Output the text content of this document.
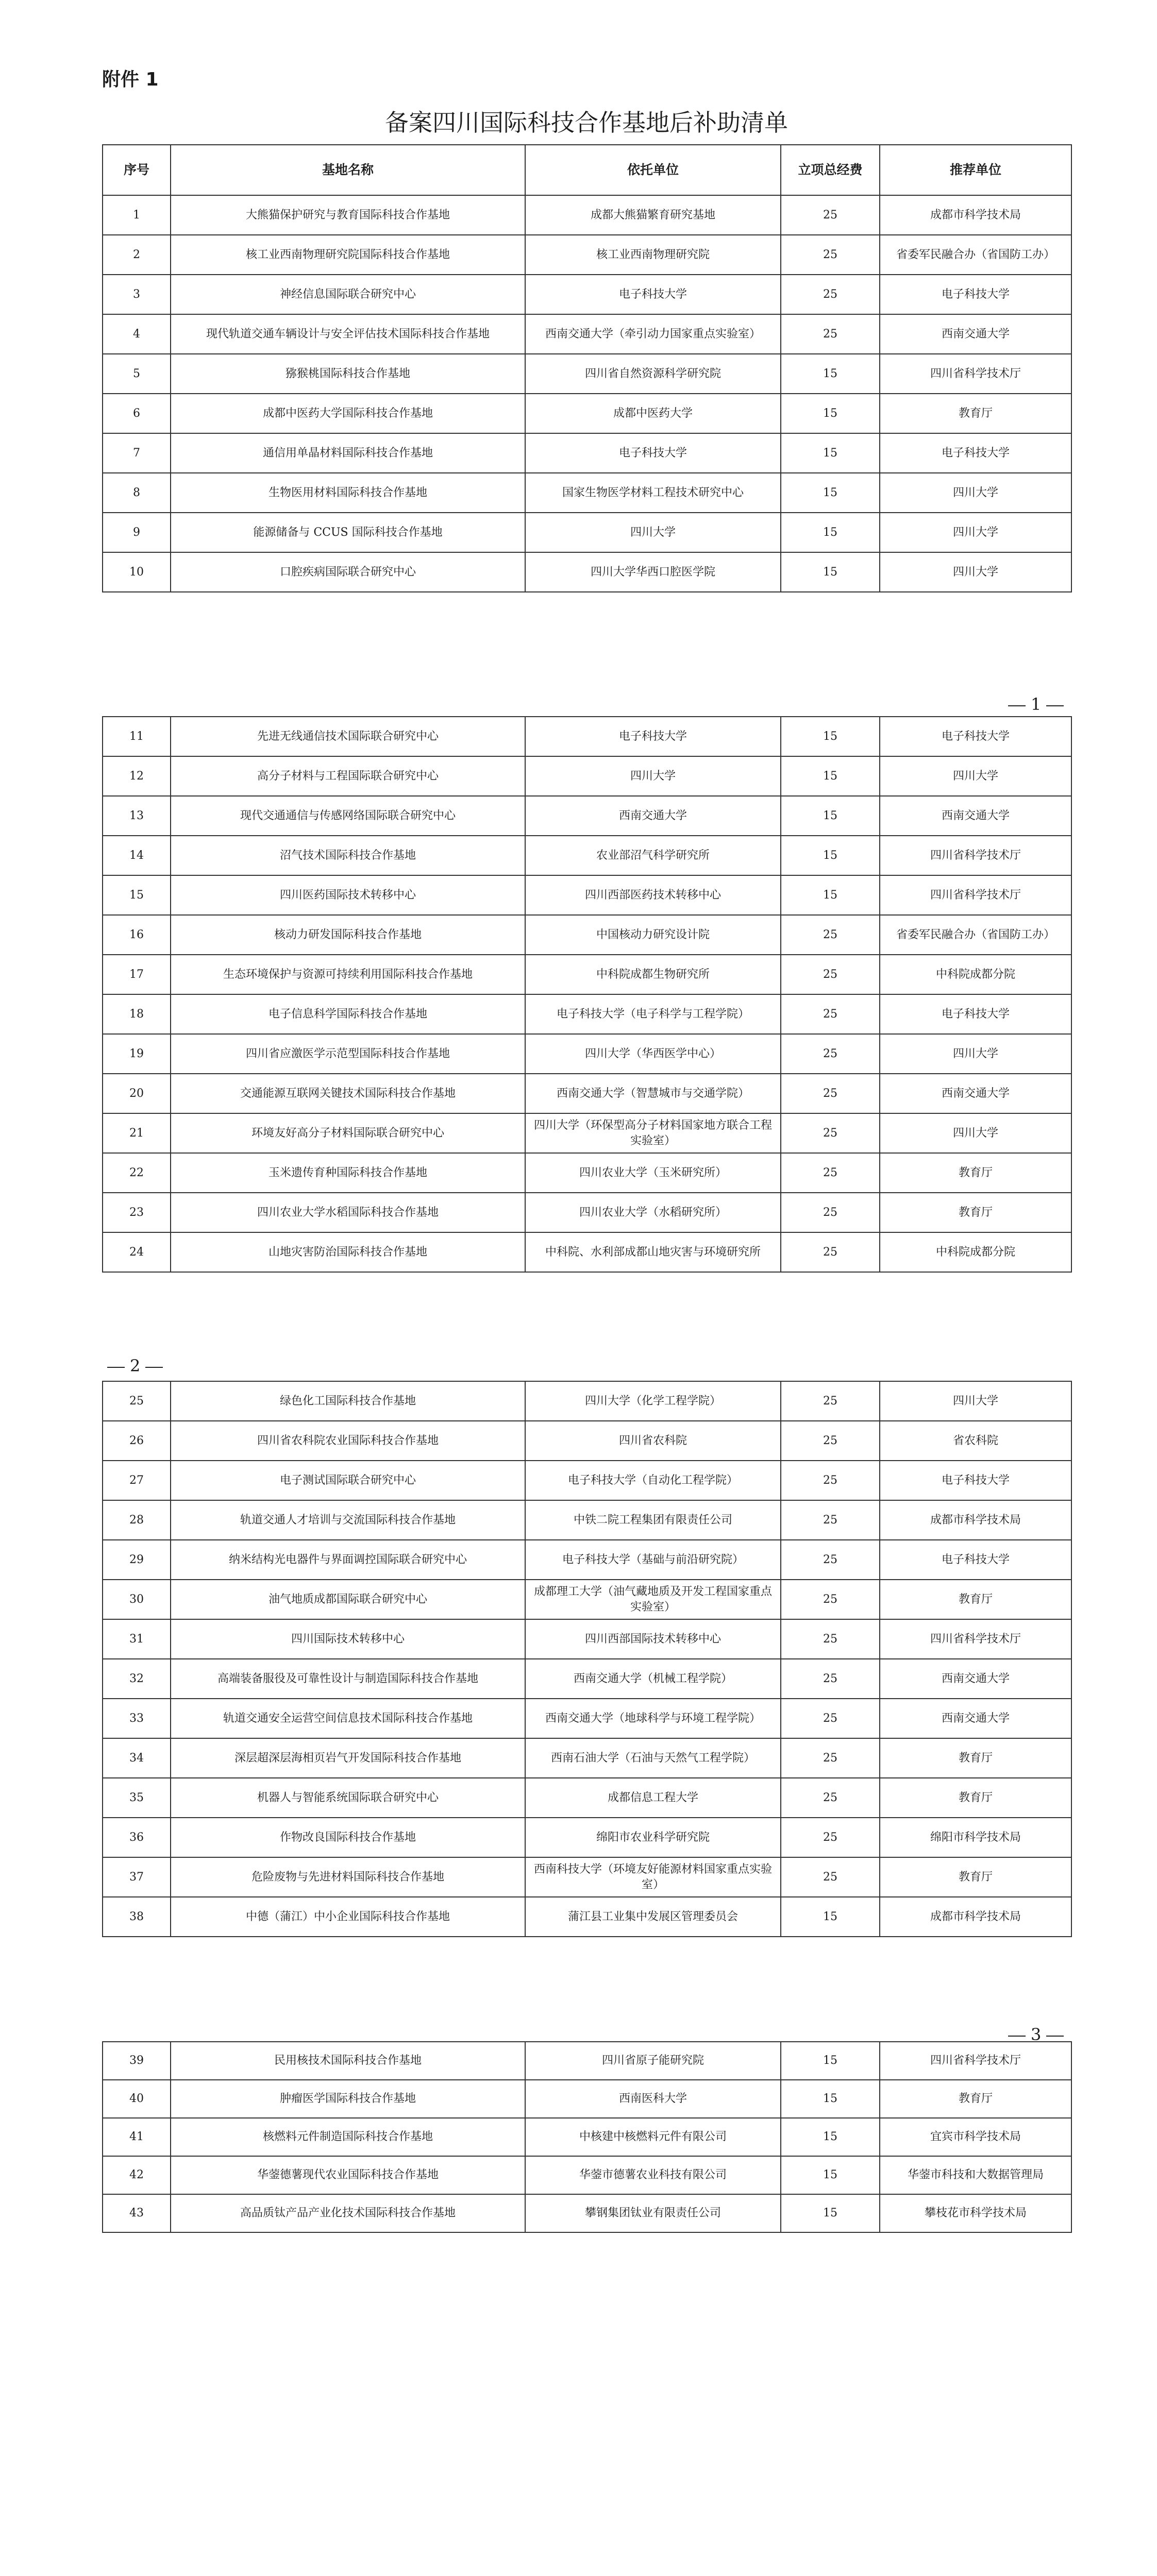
附件 1

备案四川国际科技合作基地后补助清单
序号	基地名称	依托单位	立项总经费	推荐单位
1	大熊猫保护研究与教育国际科技合作基地	成都大熊猫繁育研究基地	25	成都市科学技术局
2	核工业西南物理研究院国际科技合作基地	核工业西南物理研究院	25	省委军民融合办（省国防工办）
3	神经信息国际联合研究中心	电子科技大学	25	电子科技大学
4	现代轨道交通车辆设计与安全评估技术国际科技合作基地	西南交通大学（牵引动力国家重点实验室）	25	西南交通大学
5	猕猴桃国际科技合作基地	四川省自然资源科学研究院	15	四川省科学技术厅
6	成都中医药大学国际科技合作基地	成都中医药大学	15	教育厅
7	通信用单晶材料国际科技合作基地	电子科技大学	15	电子科技大学
8	生物医用材料国际科技合作基地	国家生物医学材料工程技术研究中心	15	四川大学
9	能源储备与 CCUS 国际科技合作基地	四川大学	15	四川大学
10	口腔疾病国际联合研究中心	四川大学华西口腔医学院	15	四川大学
1
11	先进无线通信技术国际联合研究中心	电子科技大学	15	电子科技大学
12	高分子材料与工程国际联合研究中心	四川大学	15	四川大学
13	现代交通通信与传感网络国际联合研究中心	西南交通大学	15	西南交通大学
14	沼气技术国际科技合作基地	农业部沼气科学研究所	15	四川省科学技术厅
15	四川医药国际技术转移中心	四川西部医药技术转移中心	15	四川省科学技术厅
16	核动力研发国际科技合作基地	中国核动力研究设计院	25	省委军民融合办（省国防工办）
17	生态环境保护与资源可持续利用国际科技合作基地	中科院成都生物研究所	25	中科院成都分院
18	电子信息科学国际科技合作基地	电子科技大学（电子科学与工程学院）	25	电子科技大学
19	四川省应激医学示范型国际科技合作基地	四川大学（华西医学中心）	25	四川大学
20	交通能源互联网关键技术国际科技合作基地	西南交通大学（智慧城市与交通学院）	25	西南交通大学
21	环境友好高分子材料国际联合研究中心	四川大学（环保型高分子材料国家地方联合工程实验室）	25	四川大学
22	玉米遗传育种国际科技合作基地	四川农业大学（玉米研究所）	25	教育厅
23	四川农业大学水稻国际科技合作基地	四川农业大学（水稻研究所）	25	教育厅
24	山地灾害防治国际科技合作基地	中科院、水利部成都山地灾害与环境研究所	25	中科院成都分院
2
25	绿色化工国际科技合作基地	四川大学（化学工程学院）	25	四川大学
26	四川省农科院农业国际科技合作基地	四川省农科院	25	省农科院
27	电子测试国际联合研究中心	电子科技大学（自动化工程学院）	25	电子科技大学
28	轨道交通人才培训与交流国际科技合作基地	中铁二院工程集团有限责任公司	25	成都市科学技术局
29	纳米结构光电器件与界面调控国际联合研究中心	电子科技大学（基础与前沿研究院）	25	电子科技大学
30	油气地质成都国际联合研究中心	成都理工大学（油气藏地质及开发工程国家重点实验室）	25	教育厅
31	四川国际技术转移中心	四川西部国际技术转移中心	25	四川省科学技术厅
32	高端装备服役及可靠性设计与制造国际科技合作基地	西南交通大学（机械工程学院）	25	西南交通大学
33	轨道交通安全运营空间信息技术国际科技合作基地	西南交通大学（地球科学与环境工程学院）	25	西南交通大学
34	深层超深层海相页岩气开发国际科技合作基地	西南石油大学（石油与天然气工程学院）	25	教育厅
35	机器人与智能系统国际联合研究中心	成都信息工程大学	25	教育厅
36	作物改良国际科技合作基地	绵阳市农业科学研究院	25	绵阳市科学技术局
37	危险废物与先进材料国际科技合作基地	西南科技大学（环境友好能源材料国家重点实验室）	25	教育厅
38	中德（蒲江）中小企业国际科技合作基地	蒲江县工业集中发展区管理委员会	15	成都市科学技术局
3
39	民用核技术国际科技合作基地	四川省原子能研究院	15	四川省科学技术厅
40	肿瘤医学国际科技合作基地	西南医科大学	15	教育厅
41	核燃料元件制造国际科技合作基地	中核建中核燃料元件有限公司	15	宜宾市科学技术局
42	华蓥德薯现代农业国际科技合作基地	华蓥市德薯农业科技有限公司	15	华蓥市科技和大数据管理局
43	高品质钛产品产业化技术国际科技合作基地	攀钢集团钛业有限责任公司	15	攀枝花市科学技术局
